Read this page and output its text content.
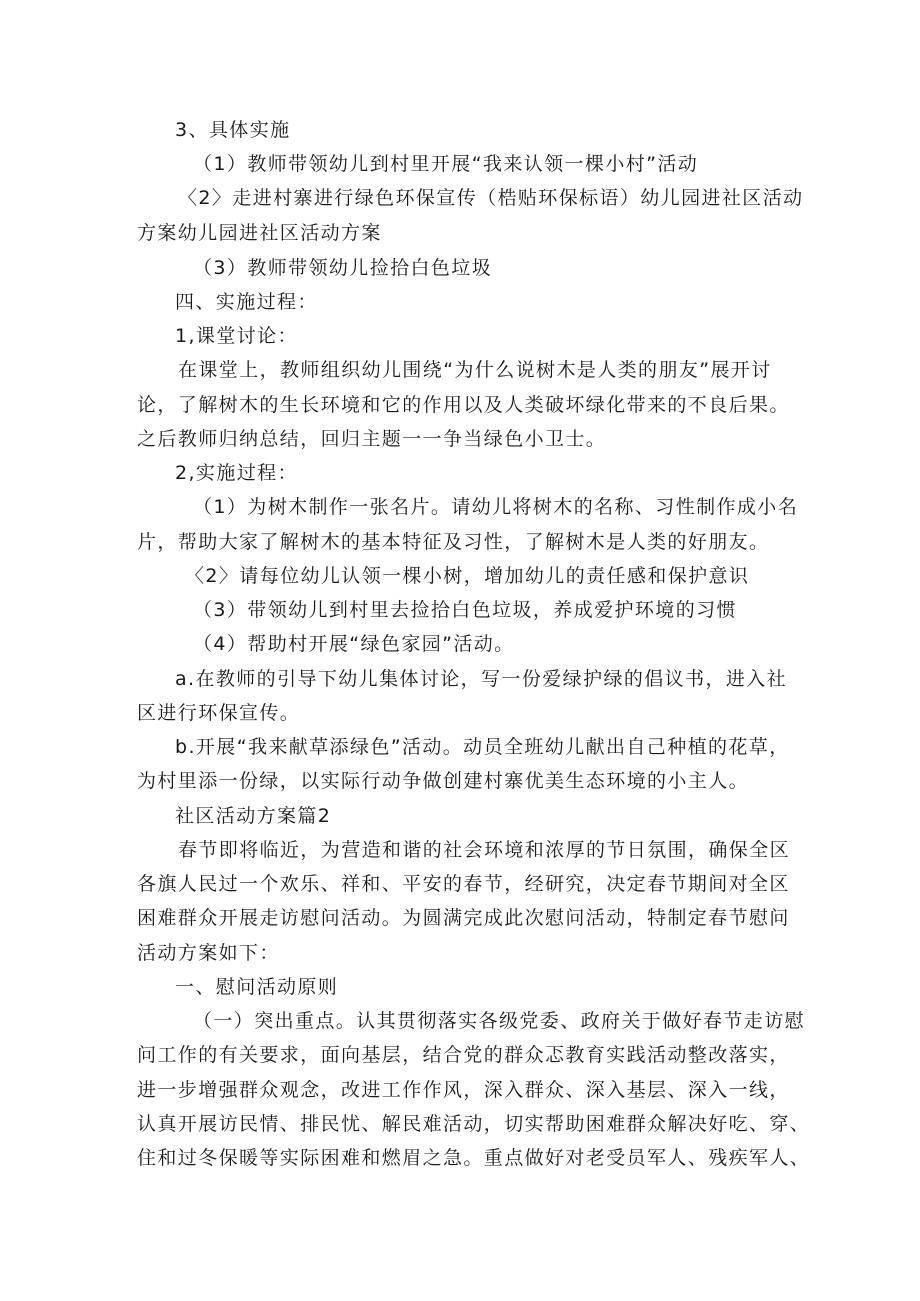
3、具体实施
（1）教师带领幼儿到村里开展“我来认领一棵小村”活动
〈2〉走进村寨进行绿色环保宣传（梏贴环保标语）幼儿园进社区活动
方案幼儿园进社区活动方案
（3）教师带领幼儿捡拾白色垃圾
四、实施过程：
1,课堂讨论：
在课堂上，教师组织幼儿围绕“为什么说树木是人类的朋友”展开讨
论，了解树木的生长环境和它的作用以及人类破坏绿化带来的不良后果。
之后教师归纳总结，回归主题一一争当绿色小卫士。
2,实施过程：
（1）为树木制作一张名片。请幼儿将树木的名称、习性制作成小名
片，帮助大家了解树木的基本特征及习性，了解树木是人类的好朋友。
〈2〉请每位幼儿认领一棵小树，增加幼儿的责任感和保护意识
（3）带领幼儿到村里去捡拾白色垃圾，养成爱护环境的习惯
（4）帮助村开展“绿色家园”活动。
a.在教师的引导下幼儿集体讨论，写一份爱绿护绿的倡议书，进入社
区进行环保宣传。
b.开展“我来献草添绿色”活动。动员全班幼儿献出自己种植的花草，
为村里添一份绿，以实际行动争做创建村寨优美生态环境的小主人。
社区活动方案篇2
春节即将临近，为营造和谐的社会环境和浓厚的节日氛围，确保全区
各旗人民过一个欢乐、祥和、平安的春节，经研究，决定春节期间对全区
困难群众开展走访慰问活动。为圆满完成此次慰问活动，特制定春节慰问
活动方案如下：
一、慰问活动原则
（一）突出重点。认其贯彻落实各级党委、政府关于做好春节走访慰
问工作的有关要求，面向基层，结合党的群众忑教育实践活动整改落实，
进一步增强群众观念，改进工作作风，深入群众、深入基层、深入一线，
认真开展访民情、排民忧、解民难活动，切实帮助困难群众解决好吃、穿、
住和过冬保暖等实际困难和燃眉之急。重点做好对老受员军人、残疾军人、
